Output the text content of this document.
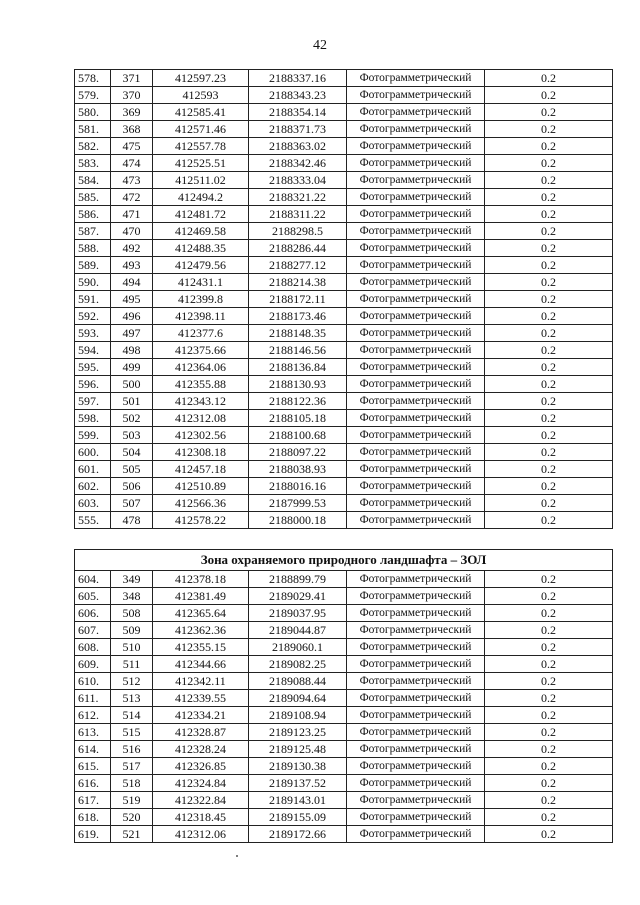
42
578.	371	412597.23	2188337.16	Фотограмметрический	0.2
579.	370	412593	2188343.23	Фотограмметрический	0.2
580.	369	412585.41	2188354.14	Фотограмметрический	0.2
581.	368	412571.46	2188371.73	Фотограмметрический	0.2
582.	475	412557.78	2188363.02	Фотограмметрический	0.2
583.	474	412525.51	2188342.46	Фотограмметрический	0.2
584.	473	412511.02	2188333.04	Фотограмметрический	0.2
585.	472	412494.2	2188321.22	Фотограмметрический	0.2
586.	471	412481.72	2188311.22	Фотограмметрический	0.2
587.	470	412469.58	2188298.5	Фотограмметрический	0.2
588.	492	412488.35	2188286.44	Фотограмметрический	0.2
589.	493	412479.56	2188277.12	Фотограмметрический	0.2
590.	494	412431.1	2188214.38	Фотограмметрический	0.2
591.	495	412399.8	2188172.11	Фотограмметрический	0.2
592.	496	412398.11	2188173.46	Фотограмметрический	0.2
593.	497	412377.6	2188148.35	Фотограмметрический	0.2
594.	498	412375.66	2188146.56	Фотограмметрический	0.2
595.	499	412364.06	2188136.84	Фотограмметрический	0.2
596.	500	412355.88	2188130.93	Фотограмметрический	0.2
597.	501	412343.12	2188122.36	Фотограмметрический	0.2
598.	502	412312.08	2188105.18	Фотограмметрический	0.2
599.	503	412302.56	2188100.68	Фотограмметрический	0.2
600.	504	412308.18	2188097.22	Фотограмметрический	0.2
601.	505	412457.18	2188038.93	Фотограмметрический	0.2
602.	506	412510.89	2188016.16	Фотограмметрический	0.2
603.	507	412566.36	2187999.53	Фотограмметрический	0.2
555.	478	412578.22	2188000.18	Фотограмметрический	0.2
Зона охраняемого природного ландшафта – ЗОЛ					
604.	349	412378.18	2188899.79	Фотограмметрический	0.2
605.	348	412381.49	2189029.41	Фотограмметрический	0.2
606.	508	412365.64	2189037.95	Фотограмметрический	0.2
607.	509	412362.36	2189044.87	Фотограмметрический	0.2
608.	510	412355.15	2189060.1	Фотограмметрический	0.2
609.	511	412344.66	2189082.25	Фотограмметрический	0.2
610.	512	412342.11	2189088.44	Фотограмметрический	0.2
611.	513	412339.55	2189094.64	Фотограмметрический	0.2
612.	514	412334.21	2189108.94	Фотограмметрический	0.2
613.	515	412328.87	2189123.25	Фотограмметрический	0.2
614.	516	412328.24	2189125.48	Фотограмметрический	0.2
615.	517	412326.85	2189130.38	Фотограмметрический	0.2
616.	518	412324.84	2189137.52	Фотограмметрический	0.2
617.	519	412322.84	2189143.01	Фотограмметрический	0.2
618.	520	412318.45	2189155.09	Фотограмметрический	0.2
619.	521	412312.06	2189172.66	Фотограмметрический	0.2
